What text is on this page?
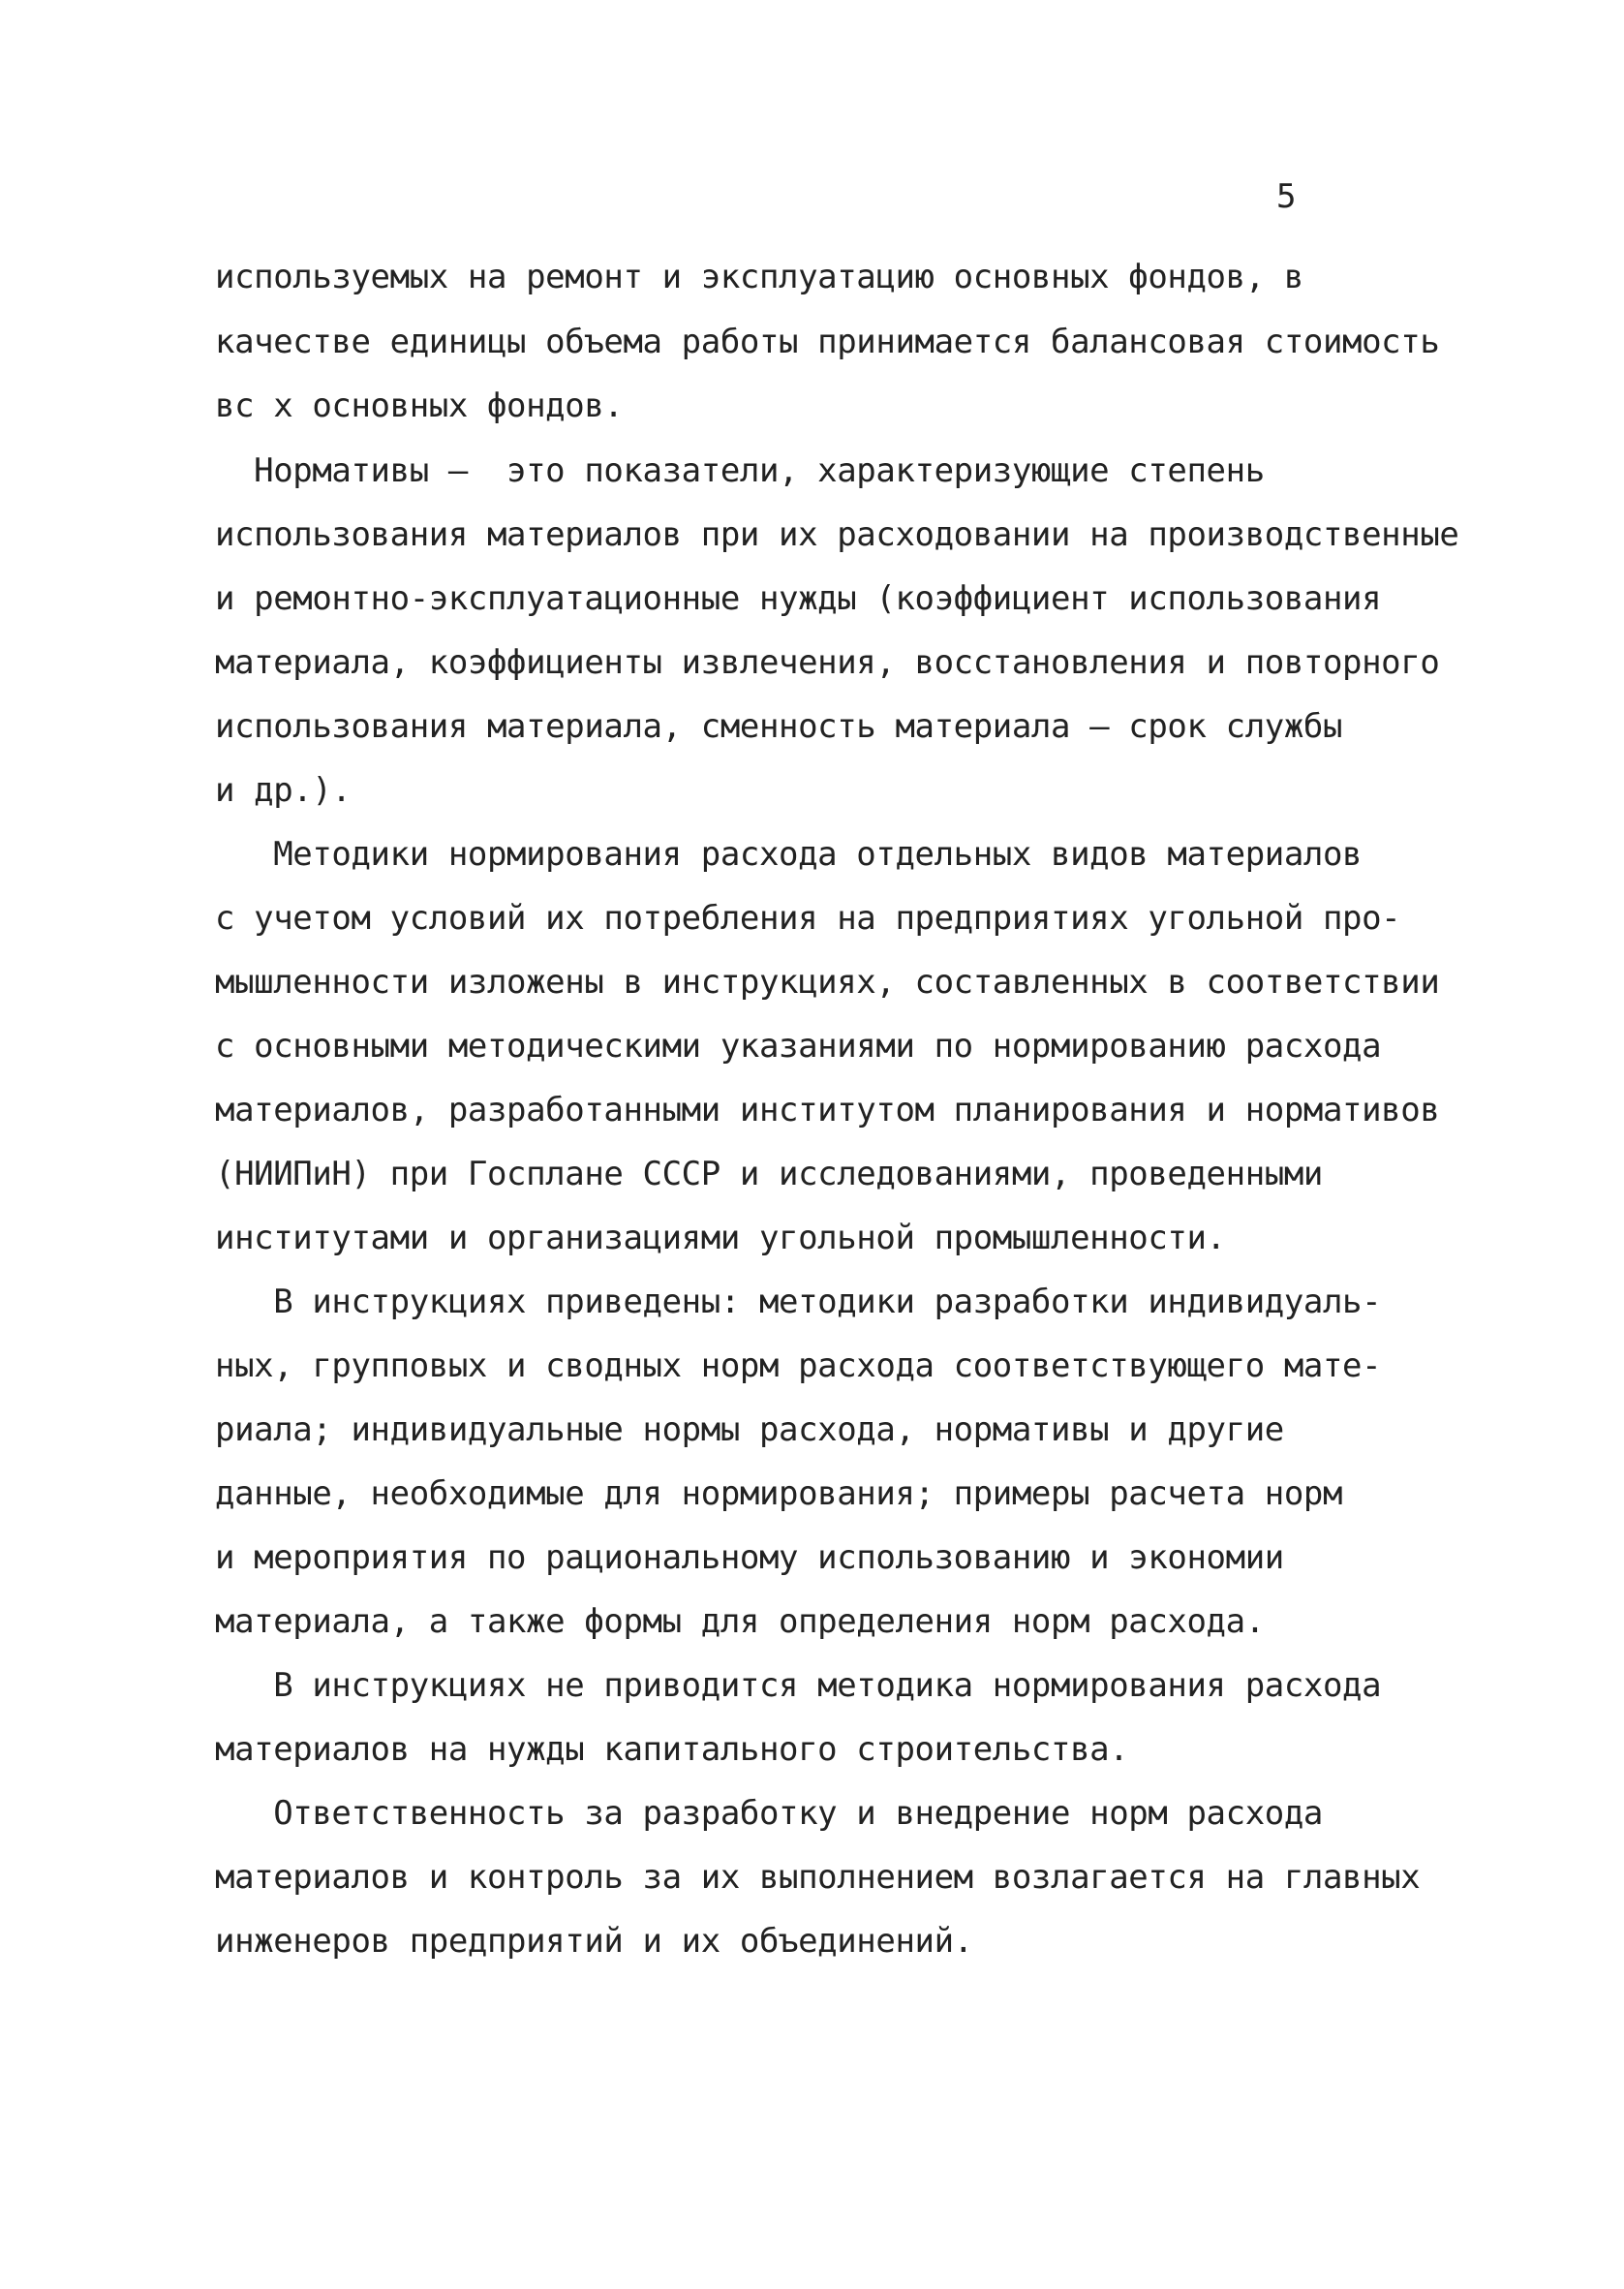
5
используемых на ремонт и эксплуатацию основных фондов, в
качестве единицы объема работы принимается балансовая стоимость
вс х основных фондов.
Нормативы –  это показатели, характеризующие степень
использования материалов при их расходовании на производственные
и ремонтно-эксплуатационные нужды (коэффициент использования
материала, коэффициенты извлечения, восстановления и повторного
использования материала, сменность материала – срок службы
и др.).
Методики нормирования расхода отдельных видов материалов
с учетом условий их потребления на предприятиях угольной про-
мышленности изложены в инструкциях, составленных в соответствии
с основными методическими указаниями по нормированию расхода
материалов, разработанными институтом планирования и нормативов
(НИИПиН) при Госплане СССР и исследованиями, проведенными
институтами и организациями угольной промышленности.
В инструкциях приведены: методики разработки индивидуаль-
ных, групповых и сводных норм расхода соответствующего мате-
риала; индивидуальные нормы расхода, нормативы и другие
данные, необходимые для нормирования; примеры расчета норм
и мероприятия по рациональному использованию и экономии
материала, а также формы для определения норм расхода.
В инструкциях не приводится методика нормирования расхода
материалов на нужды капитального строительства.
Ответственность за разработку и внедрение норм расхода
материалов и контроль за их выполнением возлагается на главных
инженеров предприятий и их объединений.
